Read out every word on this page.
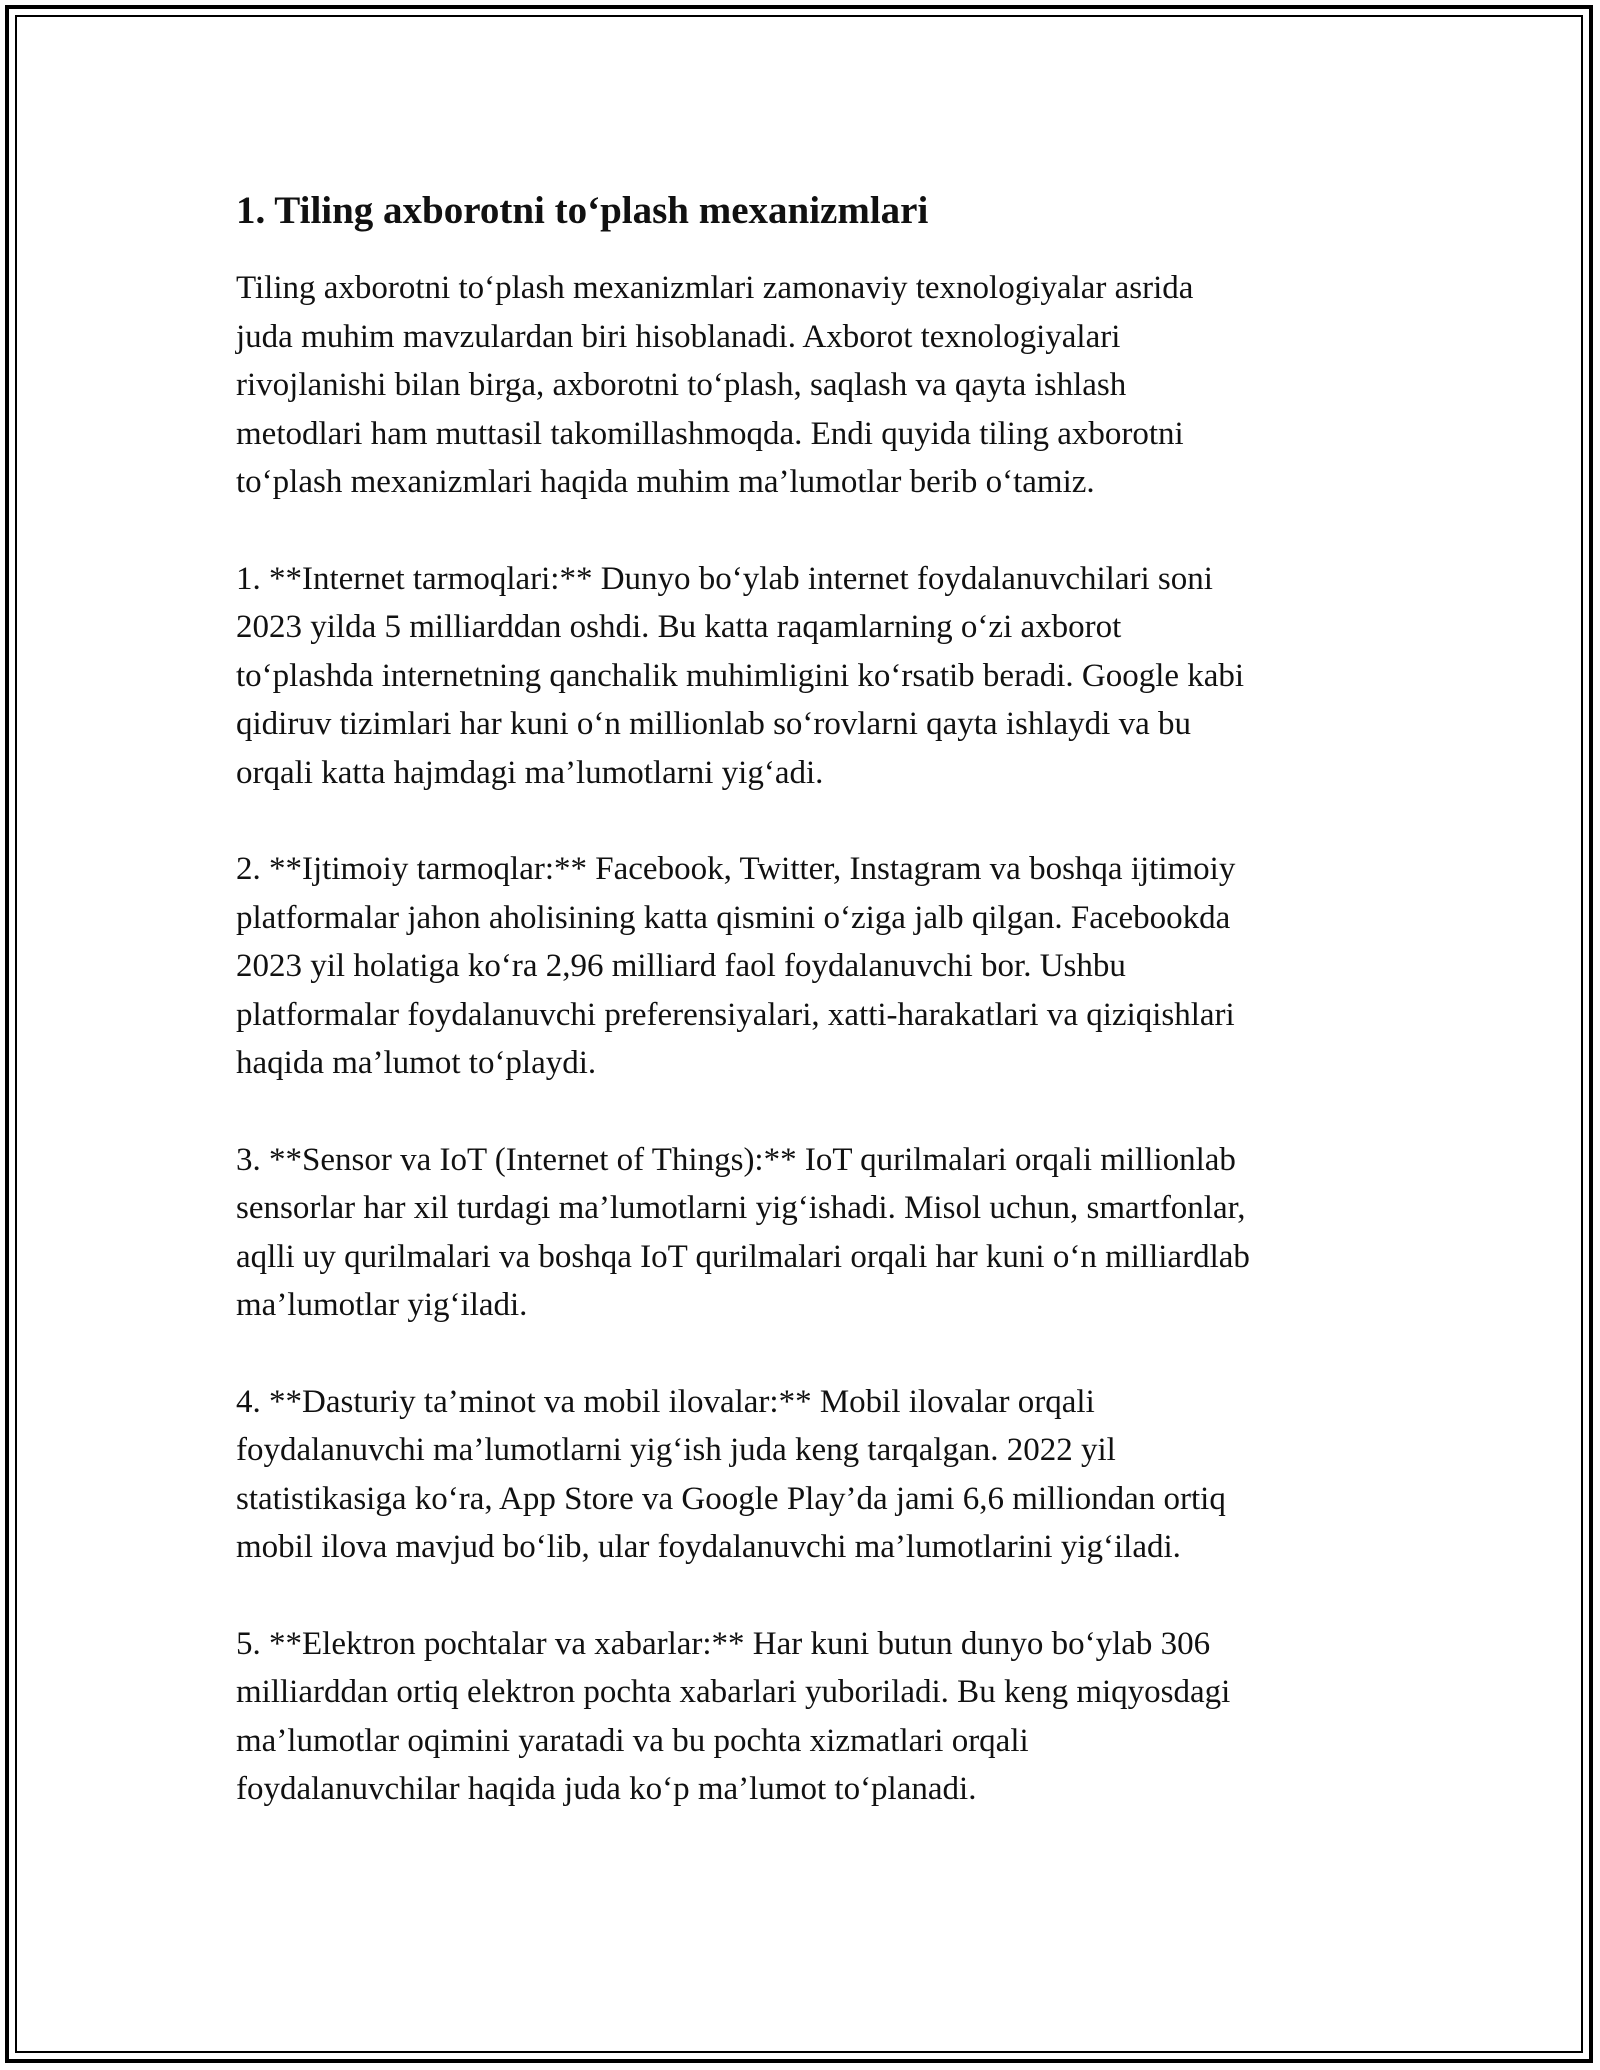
1. Tiling axborotni to‘plash mexanizmlari

Tiling axborotni to‘plash mexanizmlari zamonaviy texnologiyalar asrida
juda muhim mavzulardan biri hisoblanadi. Axborot texnologiyalari
rivojlanishi bilan birga, axborotni to‘plash, saqlash va qayta ishlash
metodlari ham muttasil takomillashmoqda. Endi quyida tiling axborotni
to‘plash mexanizmlari haqida muhim ma’lumotlar berib o‘tamiz.

1. **Internet tarmoqlari:** Dunyo bo‘ylab internet foydalanuvchilari soni
2023 yilda 5 milliarddan oshdi. Bu katta raqamlarning o‘zi axborot
to‘plashda internetning qanchalik muhimligini ko‘rsatib beradi. Google kabi
qidiruv tizimlari har kuni o‘n millionlab so‘rovlarni qayta ishlaydi va bu
orqali katta hajmdagi ma’lumotlarni yig‘adi.

2. **Ijtimoiy tarmoqlar:** Facebook, Twitter, Instagram va boshqa ijtimoiy
platformalar jahon aholisining katta qismini o‘ziga jalb qilgan. Facebookda
2023 yil holatiga ko‘ra 2,96 milliard faol foydalanuvchi bor. Ushbu
platformalar foydalanuvchi preferensiyalari, xatti-harakatlari va qiziqishlari
haqida ma’lumot to‘playdi.

3. **Sensor va IoT (Internet of Things):** IoT qurilmalari orqali millionlab
sensorlar har xil turdagi ma’lumotlarni yig‘ishadi. Misol uchun, smartfonlar,
aqlli uy qurilmalari va boshqa IoT qurilmalari orqali har kuni o‘n milliardlab
ma’lumotlar yig‘iladi.

4. **Dasturiy ta’minot va mobil ilovalar:** Mobil ilovalar orqali
foydalanuvchi ma’lumotlarni yig‘ish juda keng tarqalgan. 2022 yil
statistikasiga ko‘ra, App Store va Google Play’da jami 6,6 milliondan ortiq
mobil ilova mavjud bo‘lib, ular foydalanuvchi ma’lumotlarini yig‘iladi.

5. **Elektron pochtalar va xabarlar:** Har kuni butun dunyo bo‘ylab 306
milliarddan ortiq elektron pochta xabarlari yuboriladi. Bu keng miqyosdagi
ma’lumotlar oqimini yaratadi va bu pochta xizmatlari orqali
foydalanuvchilar haqida juda ko‘p ma’lumot to‘planadi.
